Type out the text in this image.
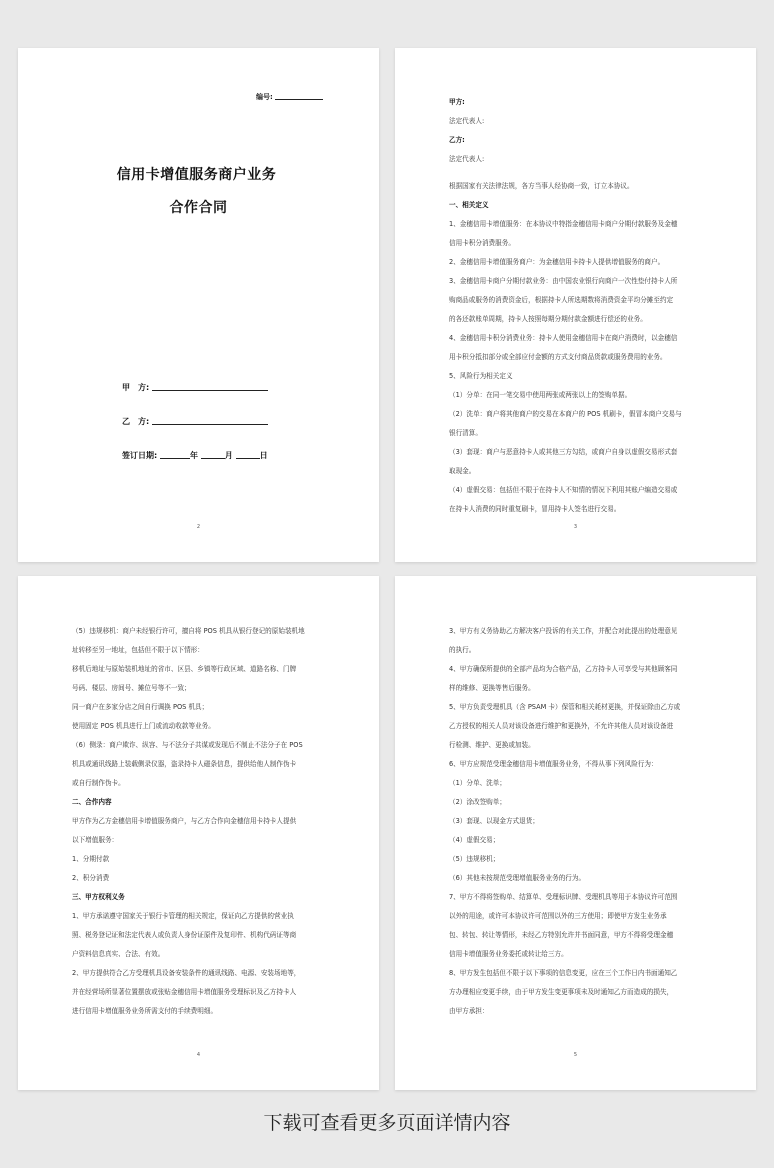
编号:
信用卡增值服务商户业务
合作合同
甲　方:
乙　方:
签订日期:	年	月	日
2
甲方:
法定代表人:
乙方:
法定代表人:
根据国家有关法律法规，各方当事人经协商一致，订立本协议。
一、相关定义
1、金穗信用卡增值服务：在本协议中特指金穗信用卡商户分期付款服务及金穗
信用卡积分消费服务。
2、金穗信用卡增值服务商户：为金穗信用卡持卡人提供增值服务的商户。
3、金穗信用卡商户分期付款业务：由中国农业银行向商户一次性垫付持卡人所
购商品或服务的消费资金后，根据持卡人所选期数将消费资金平均分摊至约定
的各还款账单周期，持卡人按照每期分期付款金额进行偿还的业务。
4、金穗信用卡积分消费业务：持卡人使用金穗信用卡在商户消费时，以金穗信
用卡积分抵扣部分或全部应付金额的方式支付商品货款或服务费用的业务。
5、风险行为相关定义
（1）分单：在同一笔交易中使用两张或两张以上的签购单据。
（2）洗单：商户将其他商户的交易在本商户的 POS 机刷卡，假冒本商户交易与
银行清算。
（3）套现：商户与恶意持卡人或其他三方勾结，或商户自身以虚假交易形式套
取现金。
（4）虚假交易：包括但不限于在持卡人不知情的情况下利用其账户编造交易或
在持卡人消费的同时重复刷卡，冒用持卡人签名进行交易。
3
（5）违规移机：商户未经银行许可，擅自将 POS 机具从银行登记的原始装机地
址转移至另一地址，包括但不限于以下情形：
移机后地址与原始装机地址的省市、区县、乡镇等行政区域、道路名称、门牌
号码、楼层、房间号、摊位号等不一致；
同一商户在多家分店之间自行调换 POS 机具；
使用固定 POS 机具进行上门或流动收款等业务。
（6）侧录：商户欺诈、纵容、与不法分子共谋或发现后不制止不法分子在 POS
机具或通讯线路上装载侧录仪器，盗录持卡人磁条信息，提供给他人制作伪卡
或自行制作伪卡。
二、合作内容
甲方作为乙方金穗信用卡增值服务商户，与乙方合作向金穗信用卡持卡人提供
以下增值服务：
1、分期付款
2、积分消费
三、甲方权利义务
1、甲方承诺遵守国家关于银行卡管理的相关规定，保证向乙方提供的营业执
照、税务登记证和法定代表人或负责人身份证原件及复印件、机构代码证等商
户资料信息真实、合法、有效。
2、甲方提供符合乙方受理机具设备安装条件的通讯线路、电源、安装场地等，
并在经营场所显著位置摆放或张贴金穗信用卡增值服务受理标识及乙方持卡人
进行信用卡增值服务业务所需支付的手续费明细。
4
3、甲方有义务协助乙方解决客户投诉的有关工作，并配合对此提出的处理意见
的执行。
4、甲方确保所提供的全部产品均为合格产品，乙方持卡人可享受与其他顾客同
样的维修、更换等售后服务。
5、甲方负责受理机具（含 PSAM 卡）保管和相关耗材更换，并保证除由乙方或
乙方授权的相关人员对该设备进行维护和更换外，不允许其他人员对该设备进
行检测、维护、更换或加装。
6、甲方应规范受理金穗信用卡增值服务业务，不得从事下列风险行为：
（1）分单、洗单；
（2）涂改签购单；
（3）套现、以现金方式退货；
（4）虚假交易；
（5）违规移机；
（6）其他未按规范受理增值服务业务的行为。
7、甲方不得将签购单、结算单、受理标识牌、受理机具等用于本协议许可范围
以外的用途，或许可本协议许可范围以外的三方使用；即使甲方发生业务承
包、转包、转让等情形，未经乙方特别允许并书面同意，甲方不得将受理金穗
信用卡增值服务业务委托或转让给三方。
8、甲方发生包括但不限于以下事项的信息变更，应在三个工作日内书面通知乙
方办理相应变更手续，由于甲方发生变更事项未及时通知乙方而造成的损失，
由甲方承担：
5
下载可查看更多页面详情内容
